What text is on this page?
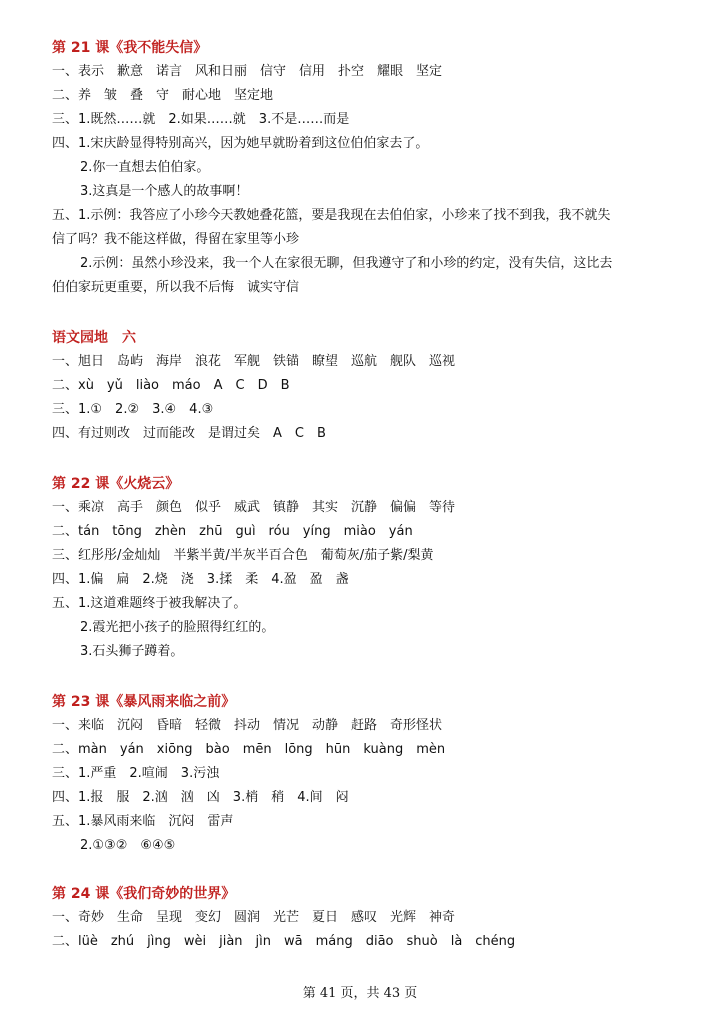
第 21 课《我不能失信》
一、表示　歉意　诺言　风和日丽　信守　信用　扑空　耀眼　坚定
二、养　皱　叠　守　耐心地　坚定地
三、1.既然……就　2.如果……就　3.不是……而是
四、1.宋庆龄显得特别高兴，因为她早就盼着到这位伯伯家去了。
2.你一直想去伯伯家。
3.这真是一个感人的故事啊！
五、1.示例：我答应了小珍今天教她叠花篮，要是我现在去伯伯家，小珍来了找不到我，我不就失
信了吗？我不能这样做，得留在家里等小珍
2.示例：虽然小珍没来，我一个人在家很无聊，但我遵守了和小珍的约定，没有失信，这比去
伯伯家玩更重要，所以我不后悔　诚实守信
语文园地　六
一、旭日　岛屿　海岸　浪花　军舰　铁锚　瞭望　巡航　舰队　巡视
二、xù　yǔ　liào　máo　A　C　D　B
三、1.①　2.②　3.④　4.③
四、有过则改　过而能改　是谓过矣　A　C　B
第 22 课《火烧云》
一、乘凉　高手　颜色　似乎　威武　镇静　其实　沉静　偏偏　等待
二、tán　tōng　zhèn　zhū　guì　róu　yíng　miào　yán
三、红彤彤/金灿灿　半紫半黄/半灰半百合色　葡萄灰/茄子紫/梨黄
四、1.偏　扁　2.烧　浇　3.揉　柔　4.盈　盈　盏
五、1.这道难题终于被我解决了。
2.霞光把小孩子的脸照得红红的。
3.石头狮子蹲着。
第 23 课《暴风雨来临之前》
一、来临　沉闷　昏暗　轻微　抖动　情况　动静　赶路　奇形怪状
二、màn　yán　xiōng　bào　mēn　lōng　hūn　kuàng　mèn
三、1.严重　2.喧闹　3.污浊
四、1.报　服　2.汹　汹　凶　3.梢　稍　4.间　闷
五、1.暴风雨来临　沉闷　雷声
2.①③②　⑥④⑤
第 24 课《我们奇妙的世界》
一、奇妙　生命　呈现　变幻　圆润　光芒　夏日　感叹　光辉　神奇
二、lüè　zhú　jìng　wèi　jiàn　jìn　wā　máng　diāo　shuò　là　chéng
第 41 页，共 43 页
